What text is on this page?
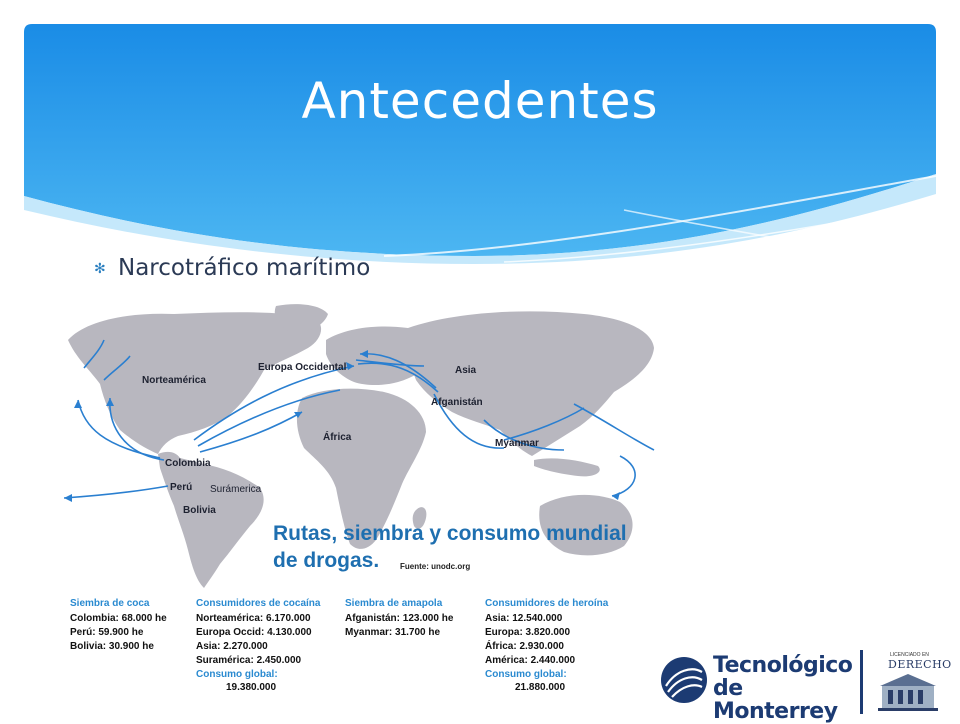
Antecedentes
✻ Narcotráfico marítimo
Norteamérica
Europa Occidental	Asia
Afganistán
África
Myanmar
Colombia
Perú Surámerica
Bolivia
Rutas, siembra y consumo mundial
de drogas.	Fuente: unodc.org
Siembra de coca
Colombia: 68.000 he
Perú: 59.900 he
Bolivia: 30.900 he
Consumidores de cocaína
Norteamérica: 6.170.000
Europa Occid: 4.130.000
Asia: 2.270.000
Suramérica: 2.450.000
Consumo global:
19.380.000
Siembra de amapola
Afganistán: 123.000 he
Myanmar: 31.700 he
Consumidores de heroína
Asia: 12.540.000
Europa: 3.820.000
África: 2.930.000
América: 2.440.000
Consumo global:
21.880.000
Tecnológico
de Monterrey
LICENCIADO EN
DERECHO
